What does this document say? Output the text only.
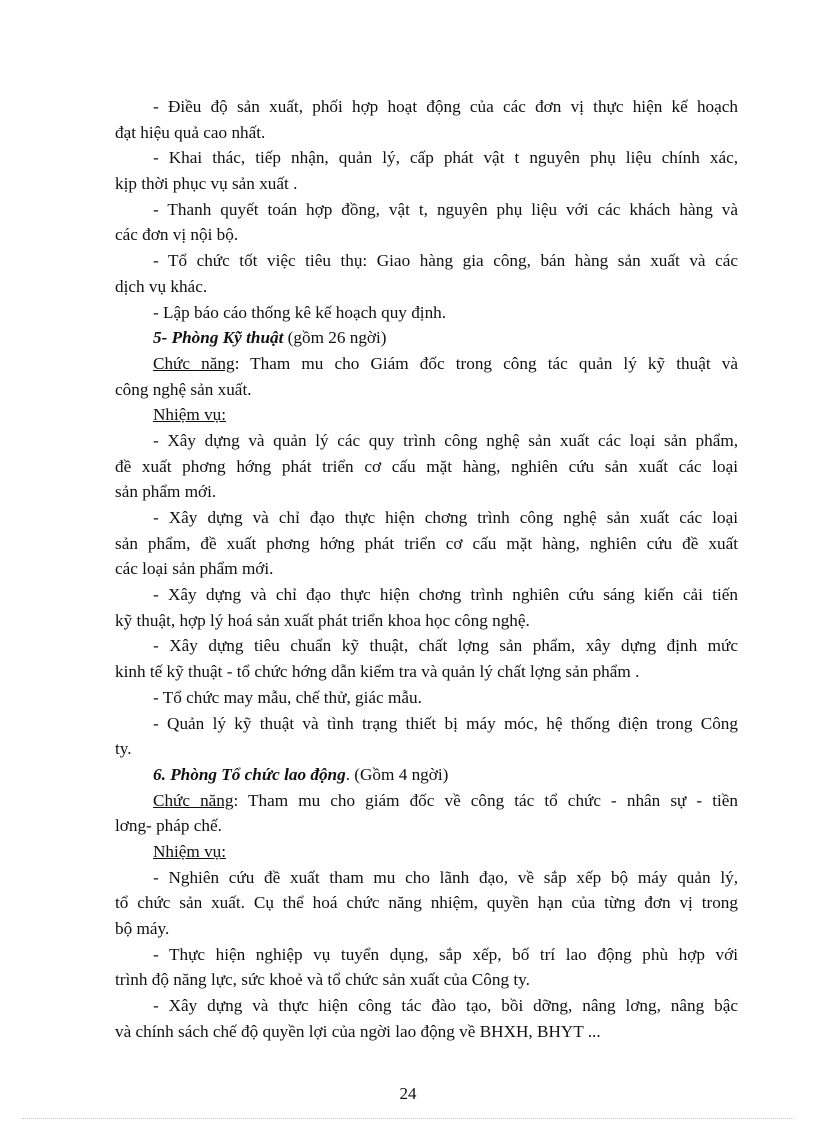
- Điều độ sản xuất, phối hợp hoạt động của các đơn vị thực hiện kế hoạch
đạt hiệu quả cao nhất.
- Khai thác, tiếp nhận, quản lý, cấp phát vật t nguyên phụ liệu chính xác,
kịp thời phục vụ sản xuất .
- Thanh quyết toán hợp đồng, vật t, nguyên phụ liệu với các khách hàng và
các đơn vị nội bộ.
- Tổ chức tốt việc tiêu thụ: Giao hàng gia công, bán hàng sản xuất và các
dịch vụ khác.
- Lập báo cáo thống kê kế hoạch quy định.
5- Phòng Kỹ thuật (gồm 26 ngời)
Chức năng: Tham mu cho Giám đốc trong công tác quản lý kỹ thuật và
công nghệ sản xuất.
Nhiệm vụ:
- Xây dựng và quản lý các quy trình công nghệ sản xuất các loại sản phẩm,
đề xuất phơng hớng phát triển cơ cấu mặt hàng, nghiên cứu sản xuất các loại
sản phẩm mới.
- Xây dựng và chỉ đạo thực hiện chơng trình công nghệ sản xuất các loại
sản phẩm, đề xuất phơng hớng phát triển cơ cấu mặt hàng, nghiên cứu đề xuất
các loại sản phẩm mới.
- Xây dựng và chỉ đạo thực hiện chơng trình nghiên cứu sáng kiến cải tiến
kỹ thuật, hợp lý hoá sản xuất phát triển khoa học công nghệ.
- Xây dựng tiêu chuẩn kỹ thuật, chất lợng sản phẩm, xây dựng định mức
kinh tế kỹ thuật - tổ chức hớng dẫn kiểm tra và quản lý chất lợng sản phẩm .
- Tổ chức may mẫu, chế thử, giác mẫu.
- Quản lý kỹ thuật và tình trạng thiết bị máy móc, hệ thống điện trong Công
ty.
6. Phòng Tổ chức lao động. (Gồm 4 ngời)
Chức năng: Tham mu cho giám đốc về công tác tổ chức - nhân sự - tiền
lơng- pháp chế.
Nhiệm vụ:
- Nghiên cứu đề xuất tham mu cho lãnh đạo, về sắp xếp bộ máy quản lý,
tổ chức sản xuất. Cụ thể hoá chức năng nhiệm, quyền hạn của từng đơn vị trong
bộ máy.
- Thực hiện nghiệp vụ tuyển dụng, sắp xếp, bố trí lao động phù hợp với
trình độ năng lực, sức khoẻ và tổ chức sản xuất của Công ty.
- Xây dựng và thực hiện công tác đào tạo, bồi dỡng, nâng lơng, nâng bậc
và chính sách chế độ quyền lợi của ngời lao động về BHXH, BHYT ...
24
